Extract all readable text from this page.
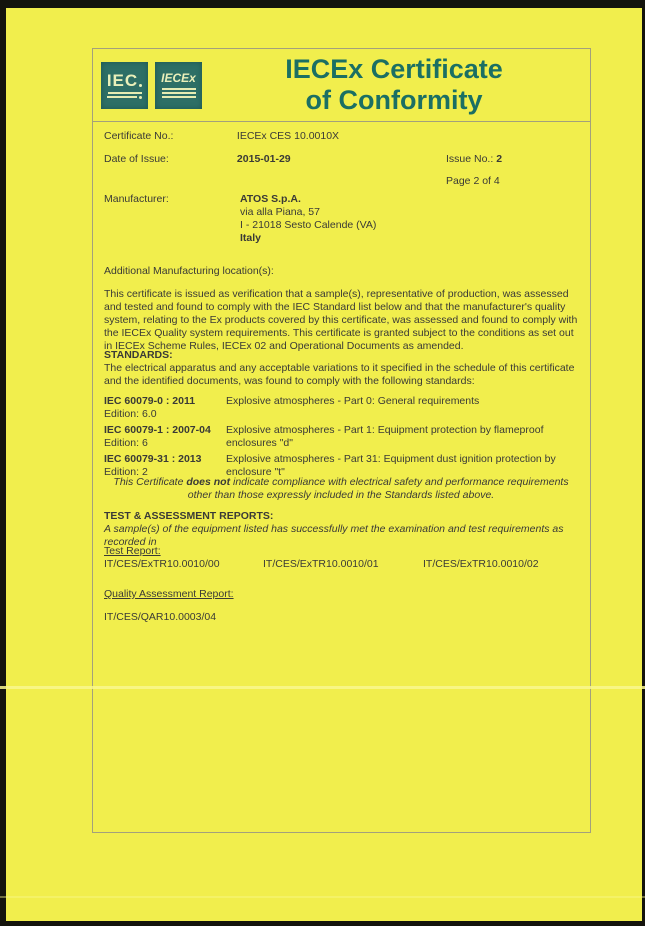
IEC IECEx	IECEx Certificate
of Conformity
Certificate No.:	IECEx CES 10.0010X
Date of Issue:	2015-01-29	Issue No.: 2
Page 2 of 4
Manufacturer:	ATOS S.p.A.
via alla Piana, 57
I - 21018 Sesto Calende (VA)
Italy
Additional Manufacturing location(s):
This certificate is issued as verification that a sample(s), representative of production, was assessed and tested and found to comply with the IEC Standard list below and that the manufacturer's quality system, relating to the Ex products covered by this certificate, was assessed and found to comply with the IECEx Quality system requirements. This certificate is granted subject to the conditions as set out in IECEx Scheme Rules, IECEx 02 and Operational Documents as amended.
STANDARDS:
The electrical apparatus and any acceptable variations to it specified in the schedule of this certificate and the identified documents, was found to comply with the following standards:
IEC 60079-0 : 2011
Edition: 6.0
Explosive atmospheres - Part 0: General requirements
IEC 60079-1 : 2007-04
Edition: 6
Explosive atmospheres - Part 1: Equipment protection by flameproof enclosures "d"
IEC 60079-31 : 2013
Edition: 2
Explosive atmospheres - Part 31: Equipment dust ignition protection by enclosure "t"
This Certificate does not indicate compliance with electrical safety and performance requirements other than those expressly included in the Standards listed above.
TEST & ASSESSMENT REPORTS:
A sample(s) of the equipment listed has successfully met the examination and test requirements as recorded in
Test Report:
IT/CES/ExTR10.0010/00	IT/CES/ExTR10.0010/01	IT/CES/ExTR10.0010/02
Quality Assessment Report:
IT/CES/QAR10.0003/04
